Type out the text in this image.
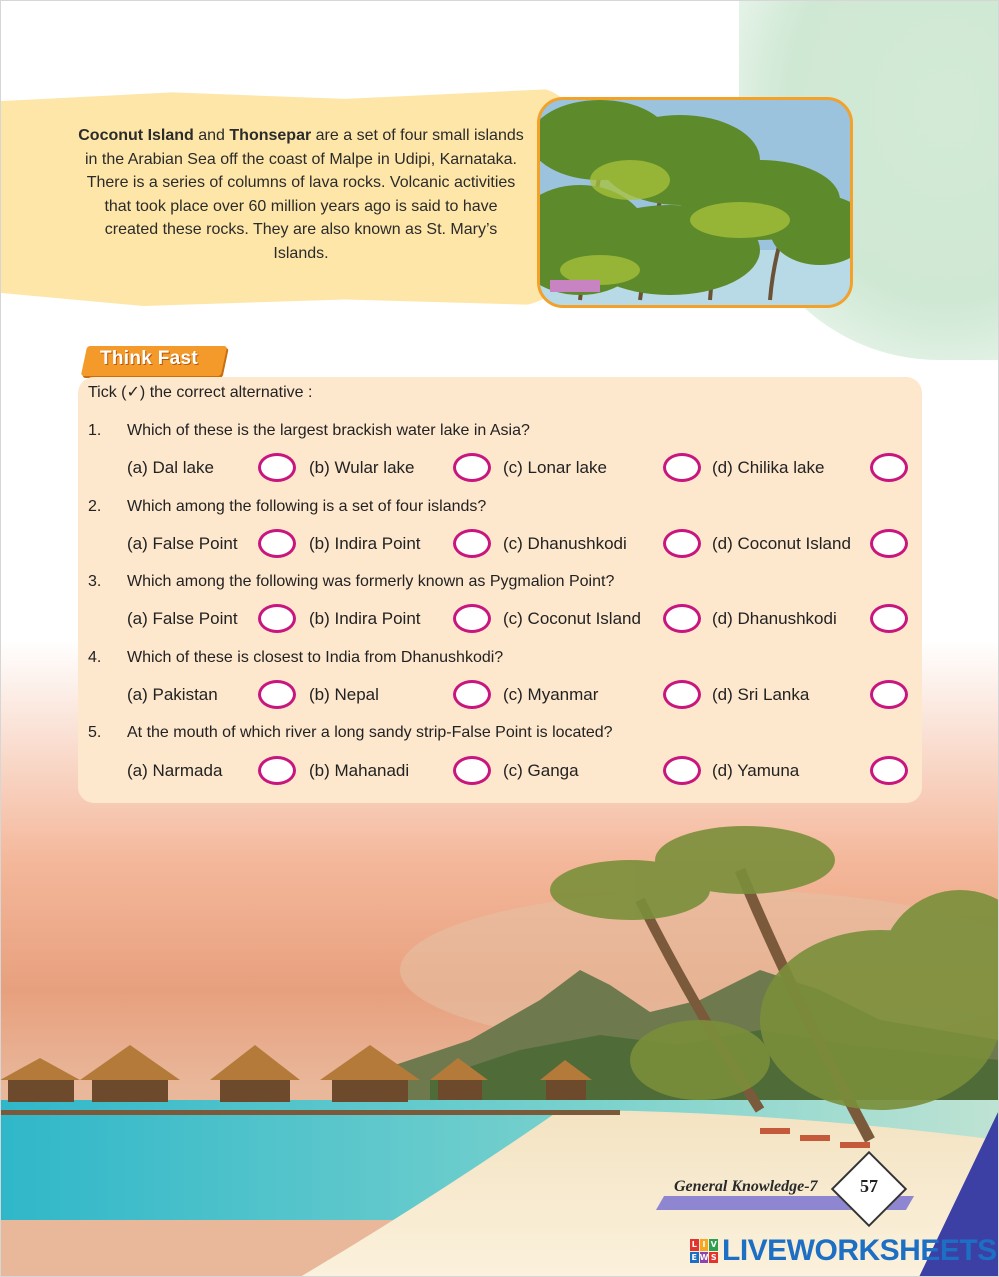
Coconut Island and Thonsepar are a set of four small islands in the Arabian Sea off the coast of Malpe in Udipi, Karnataka. There is a series of columns of lava rocks. Volcanic activities that took place over 60 million years ago is said to have created these rocks. They are also known as St. Mary’s Islands.
Think Fast
Tick (✓) the correct alternative :
1. Which of these is the largest brackish water lake in Asia?
(a) Dal lake	(b) Wular lake	(c) Lonar lake	(d) Chilika lake
2. Which among the following is a set of four islands?
(a) False Point	(b) Indira Point	(c) Dhanushkodi	(d) Coconut Island
3. Which among the following was formerly known as Pygmalion Point?
(a) False Point	(b) Indira Point	(c) Coconut Island	(d) Dhanushkodi
4. Which of these is closest to India from Dhanushkodi?
(a) Pakistan	(b) Nepal	(c) Myanmar	(d) Sri Lanka
5. At the mouth of which river a long sandy strip-False Point is located?
(a) Narmada	(b) Mahanadi	(c) Ganga	(d) Yamuna
General Knowledge-7	57
L I V
E W S LIVEWORKSHEETS
